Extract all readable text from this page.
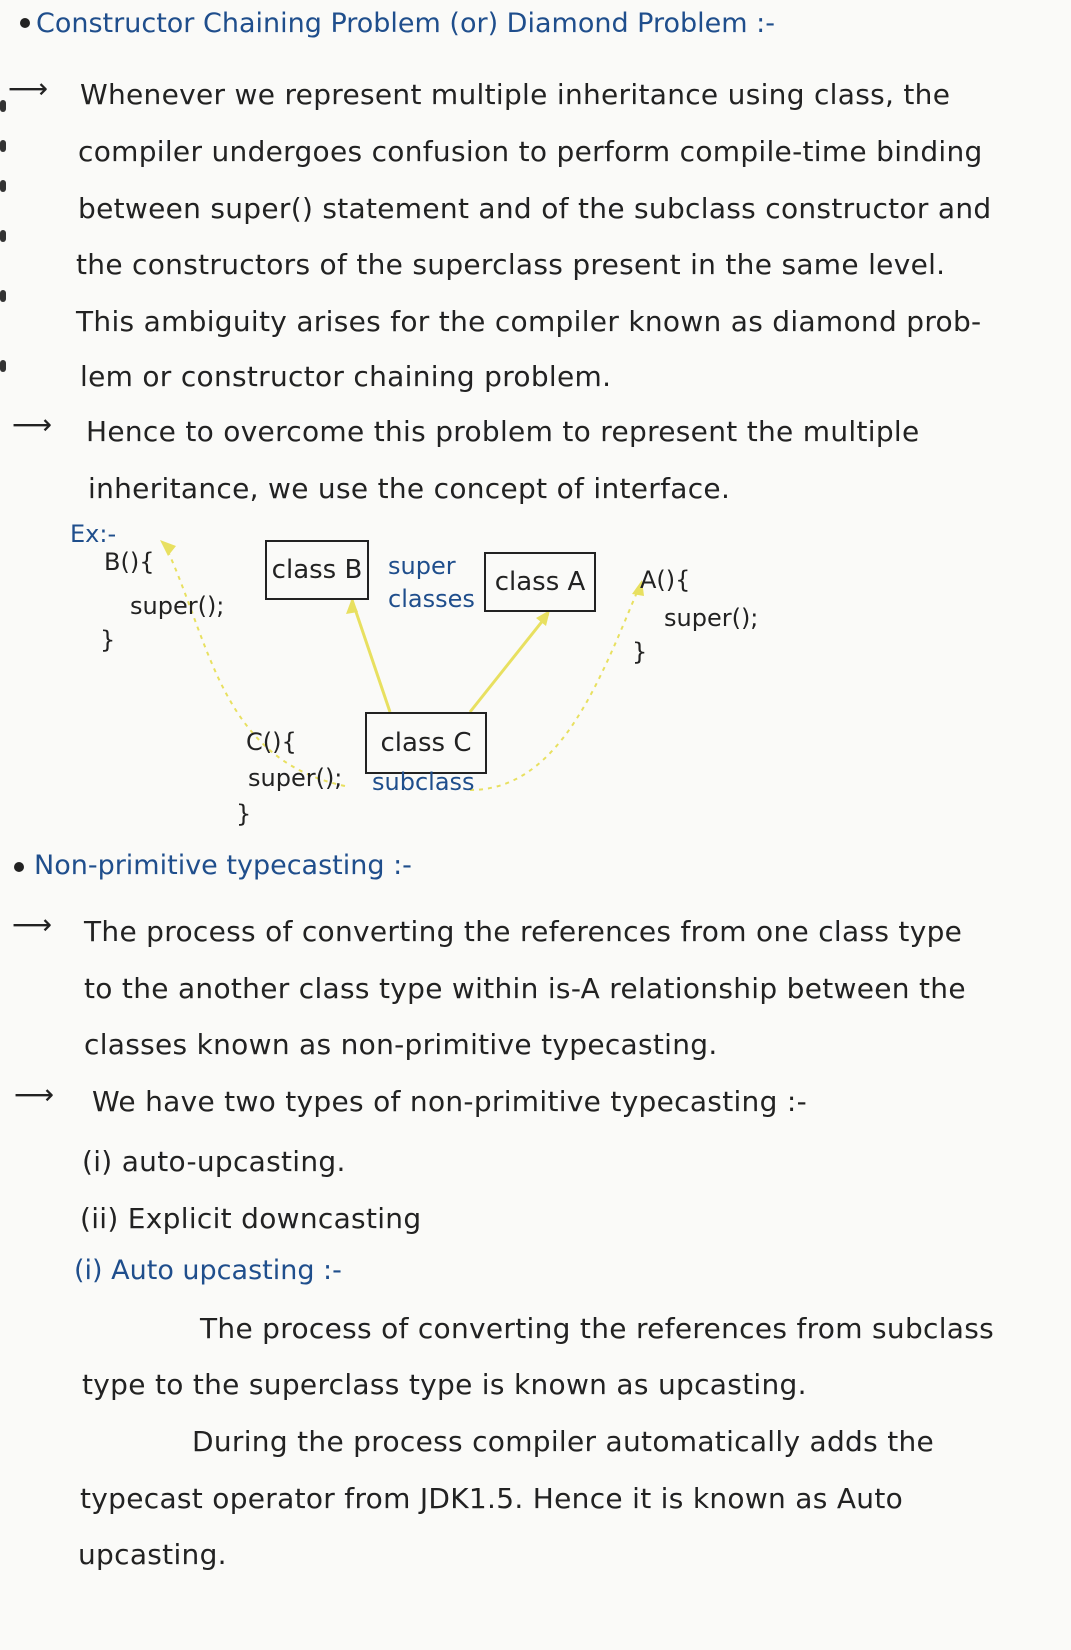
Constructor Chaining Problem (or) Diamond Problem :-
⟶ Whenever we represent multiple inheritance using class, the
compiler undergoes confusion to perform compile-time binding
between super() statement and of the subclass constructor and
the constructors of the superclass present in the same level.
This ambiguity arises for the compiler known as diamond prob-
lem or constructor chaining problem.
⟶ Hence to overcome this problem to represent the multiple
inheritance, we use the concept of interface.
Ex:-
class B	class A
class C
super
classes
subclass
B(){
super();
}
A(){
super();
}
C(){
super();
}
Non-primitive typecasting :-
⟶ The process of converting the references from one class type
to the another class type within is-A relationship between the
classes known as non-primitive typecasting.
⟶ We have two types of non-primitive typecasting :-
(i) auto-upcasting.
(ii) Explicit downcasting
(i) Auto upcasting :-
The process of converting the references from subclass
type to the superclass type is known as upcasting.
During the process compiler automatically adds the
typecast operator from JDK1.5. Hence it is known as Auto
upcasting.
